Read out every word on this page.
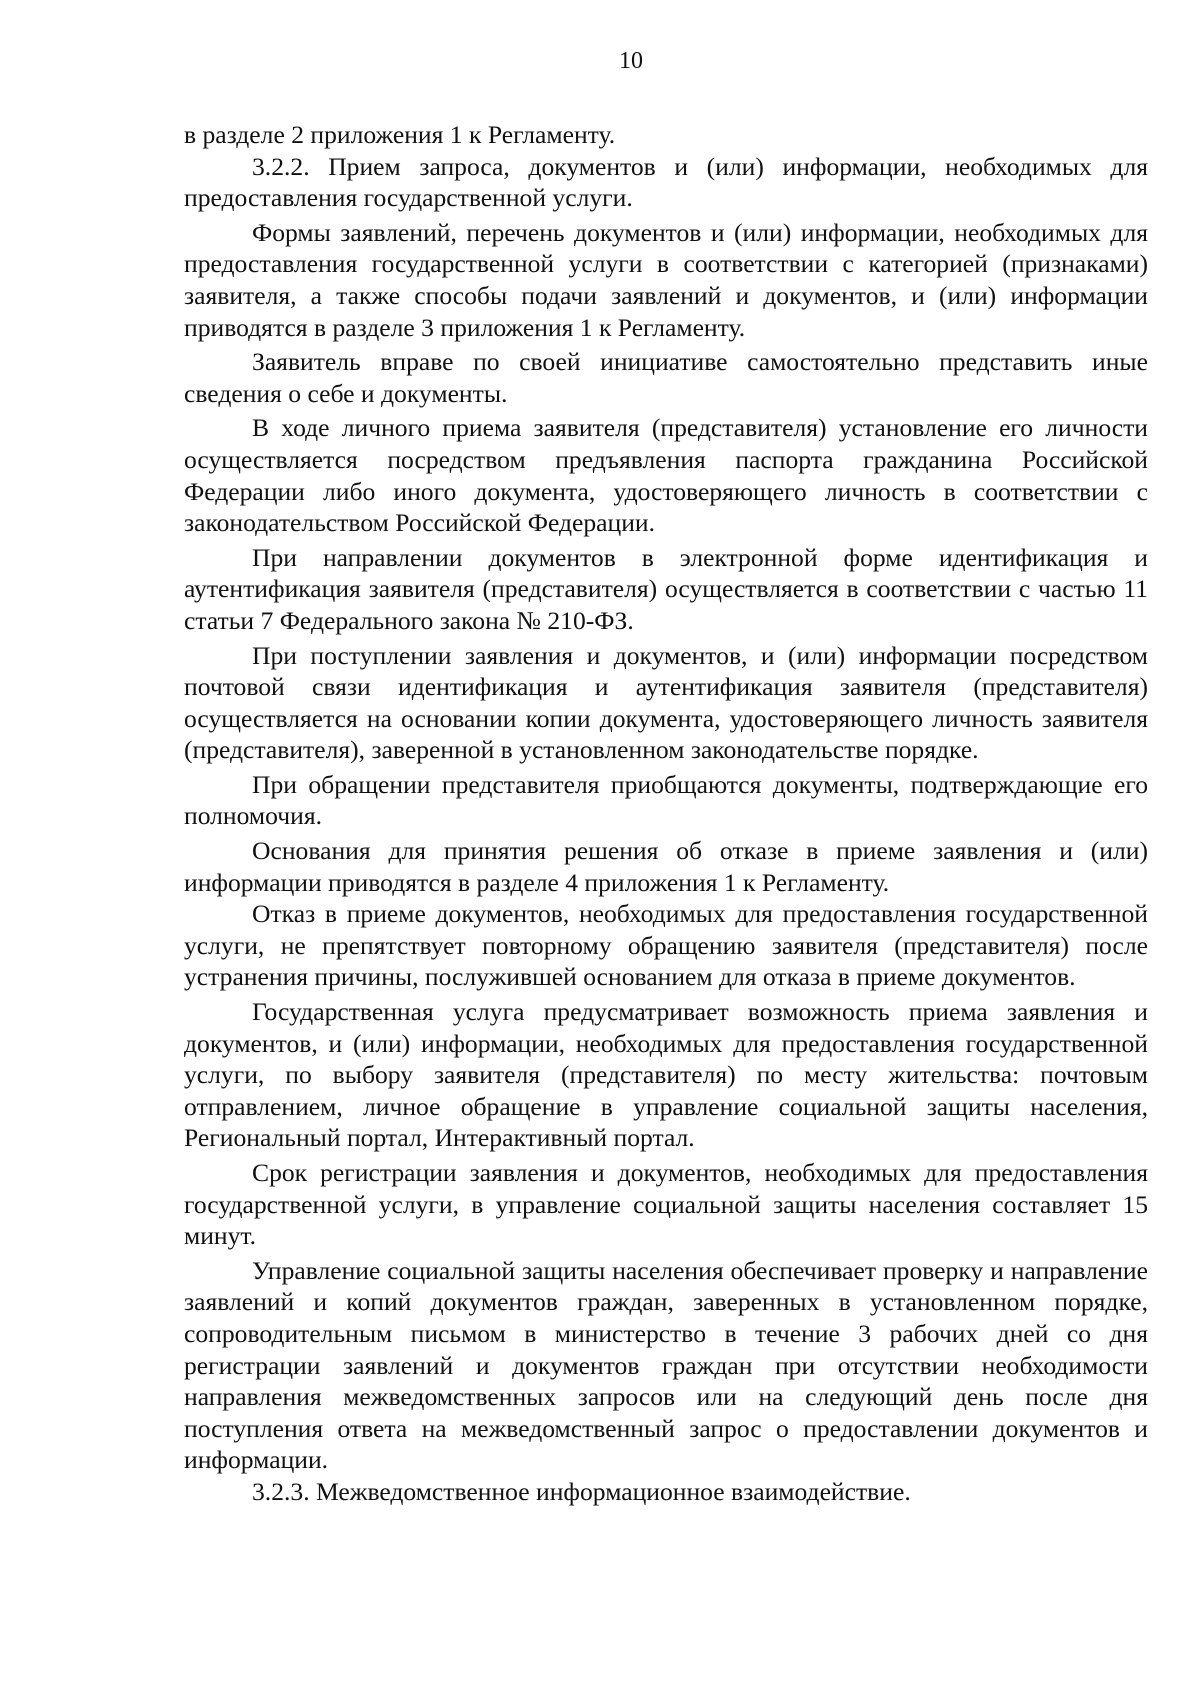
10

в разделе 2 приложения 1 к Регламенту.

3.2.2. Прием запроса, документов и (или) информации, необходимых для предоставления государственной услуги.

Формы заявлений, перечень документов и (или) информации, необходимых для предоставления государственной услуги в соответствии с категорией (признаками) заявителя, а также способы подачи заявлений и документов, и (или) информации приводятся в разделе 3 приложения 1 к Регламенту.

Заявитель вправе по своей инициативе самостоятельно представить иные сведения о себе и документы.

В ходе личного приема заявителя (представителя) установление его личности осуществляется посредством предъявления паспорта гражданина Российской Федерации либо иного документа, удостоверяющего личность в соответствии с законодательством Российской Федерации.

При направлении документов в электронной форме идентификация и аутентификация заявителя (представителя) осуществляется в соответствии с частью 11 статьи 7 Федерального закона № 210-ФЗ.

При поступлении заявления и документов, и (или) информации посредством почтовой связи идентификация и аутентификация заявителя (представителя) осуществляется на основании копии документа, удостоверяющего личность заявителя (представителя), заверенной в установленном законодательстве порядке.

При обращении представителя приобщаются документы, подтверждающие его полномочия.

Основания для принятия решения об отказе в приеме заявления и (или) информации приводятся в разделе 4 приложения 1 к Регламенту.

Отказ в приеме документов, необходимых для предоставления государственной услуги, не препятствует повторному обращению заявителя (представителя) после устранения причины, послужившей основанием для отказа в приеме документов.

Государственная услуга предусматривает возможность приема заявления и документов, и (или) информации, необходимых для предоставления государственной услуги, по выбору заявителя (представителя) по месту жительства: почтовым отправлением, личное обращение в управление социальной защиты населения, Региональный портал, Интерактивный портал.

Срок регистрации заявления и документов, необходимых для предоставления государственной услуги, в управление социальной защиты населения составляет 15 минут.

Управление социальной защиты населения обеспечивает проверку и направление заявлений и копий документов граждан, заверенных в установленном порядке, сопроводительным письмом в министерство в течение 3 рабочих дней со дня регистрации заявлений и документов граждан при отсутствии необходимости направления межведомственных запросов или на следующий день после дня поступления ответа на межведомственный запрос о предоставлении документов и информации.

3.2.3. Межведомственное информационное взаимодействие.
